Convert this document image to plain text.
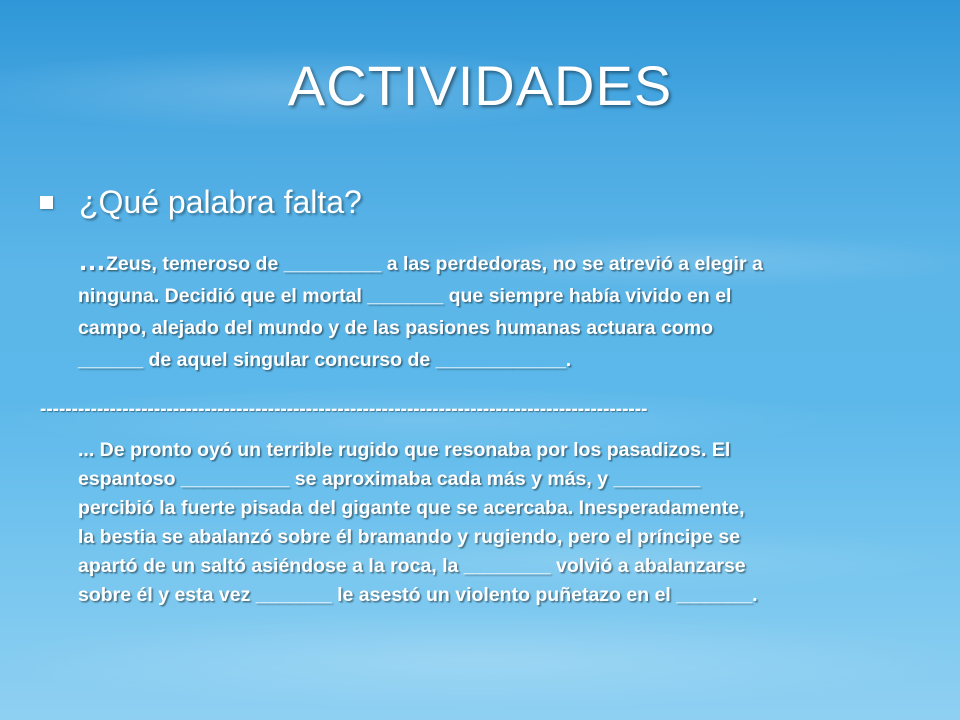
ACTIVIDADES
¿Qué palabra falta?
…Zeus, temeroso de _________ a las perdedoras, no se atrevió a elegir a
ninguna. Decidió que el mortal _______ que siempre había vivido en el
campo, alejado del mundo y de las pasiones humanas actuara como
______ de aquel singular concurso de ____________.
------------------------------------------------------------------------------------------------
... De pronto oyó un terrible rugido que resonaba por los pasadizos. El
espantoso __________ se aproximaba cada más y más, y ________
percibió la fuerte pisada del gigante que se acercaba. Inesperadamente,
la bestia se abalanzó sobre él bramando y rugiendo, pero el príncipe se
apartó de un saltó asiéndose a la roca, la ________ volvió a abalanzarse
sobre él y esta vez _______ le asestó un violento puñetazo en el _______.
